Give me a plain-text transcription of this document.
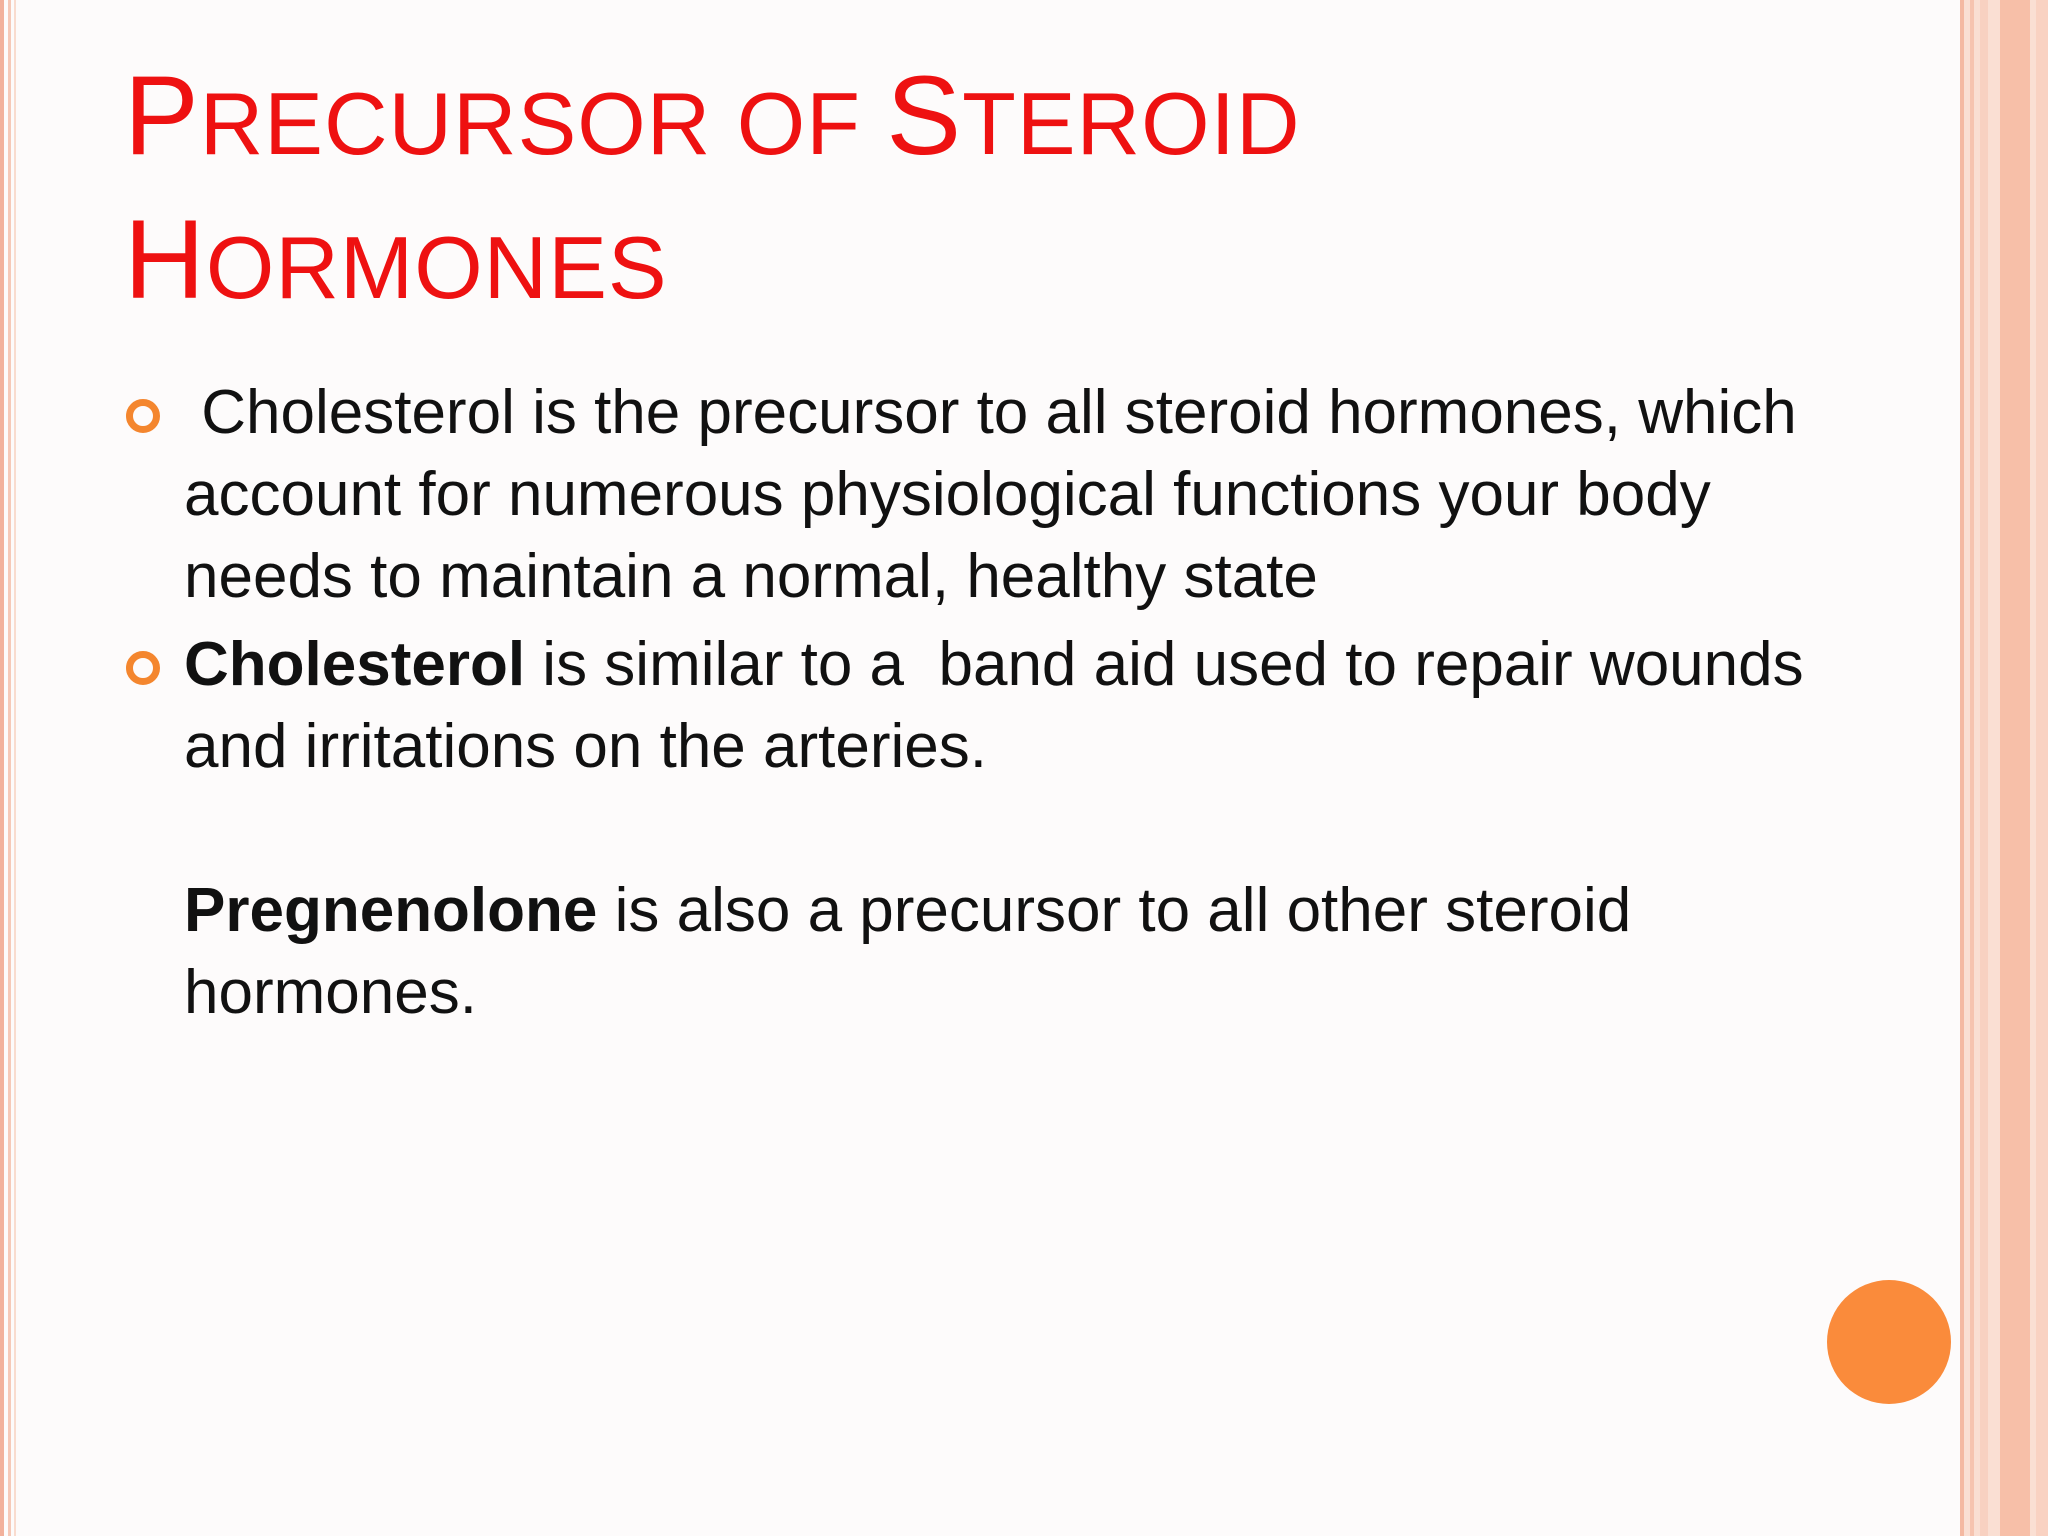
PRECURSOR OF STEROID
HORMONES

Cholesterol is the precursor to all steroid hormones, which account for numerous physiological functions your body needs to maintain a normal, healthy state

Cholesterol is similar to a  band aid used to repair wounds and irritations on the arteries.
Pregnenolone is also a precursor to all other steroid hormones.
